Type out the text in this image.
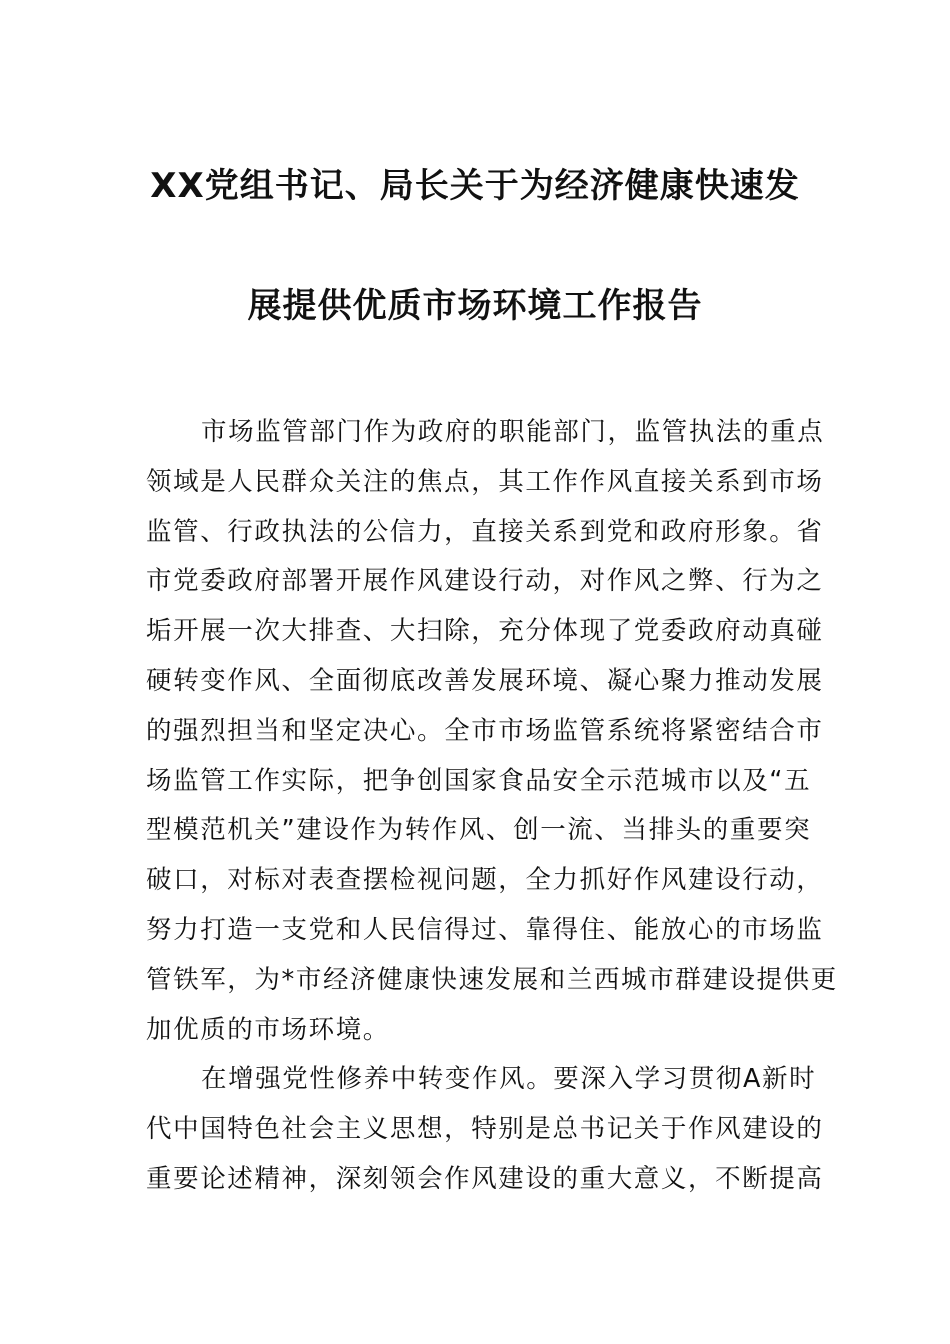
XX党组书记、局长关于为经济健康快速发
展提供优质市场环境工作报告
市场监管部门作为政府的职能部门，监管执法的重点
领域是人民群众关注的焦点，其工作作风直接关系到市场
监管、行政执法的公信力，直接关系到党和政府形象。省
市党委政府部署开展作风建设行动，对作风之弊、行为之
垢开展一次大排查、大扫除，充分体现了党委政府动真碰
硬转变作风、全面彻底改善发展环境、凝心聚力推动发展
的强烈担当和坚定决心。全市市场监管系统将紧密结合市
场监管工作实际，把争创国家食品安全示范城市以及“五
型模范机关”建设作为转作风、创一流、当排头的重要突
破口，对标对表查摆检视问题，全力抓好作风建设行动，
努力打造一支党和人民信得过、靠得住、能放心的市场监
管铁军，为*市经济健康快速发展和兰西城市群建设提供更
加优质的市场环境。
在增强党性修养中转变作风。要深入学习贯彻A新时
代中国特色社会主义思想，特别是总书记关于作风建设的
重要论述精神，深刻领会作风建设的重大意义，不断提高
